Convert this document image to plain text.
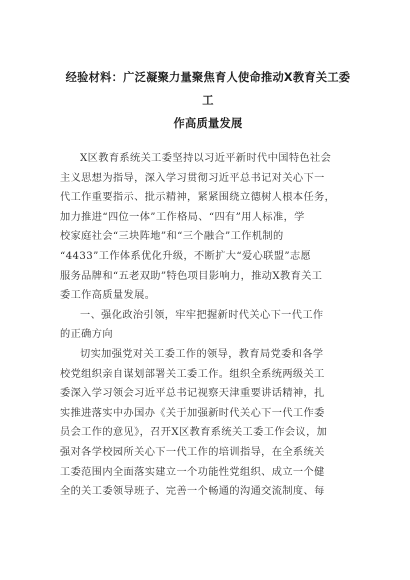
经验材料：广泛凝聚力量聚焦育人使命推动X教育关工委工
作高质量发展

X区教育系统关工委坚持以习近平新时代中国特色社会
主义思想为指导，深入学习贯彻习近平总书记对关心下一
代工作重要指示、批示精神，紧紧围绕立德树人根本任务，
加力推进“四位一体”工作格局、“四有”用人标准，学
校家庭社会“三块阵地”和“三个融合”工作机制的
“4433”工作体系优化升级，不断扩大“爱心联盟”志愿
服务品牌和“五老双助”特色项目影响力，推动X教育关工
委工作高质量发展。

一、强化政治引领，牢牢把握新时代关心下一代工作
的正确方向

切实加强党对关工委工作的领导，教育局党委和各学
校党组织亲自谋划部署关工委工作。组织全系统两级关工
委深入学习领会习近平总书记视察天津重要讲话精神，扎
实推进落实中办国办《关于加强新时代关心下一代工作委
员会工作的意见》，召开X区教育系统关工委工作会议，加
强对各学校园所关心下一代工作的培训指导，在全系统关
工委范围内全面落实建立一个功能性党组织、成立一个健
全的关工委领导班子、完善一个畅通的沟通交流制度、每
